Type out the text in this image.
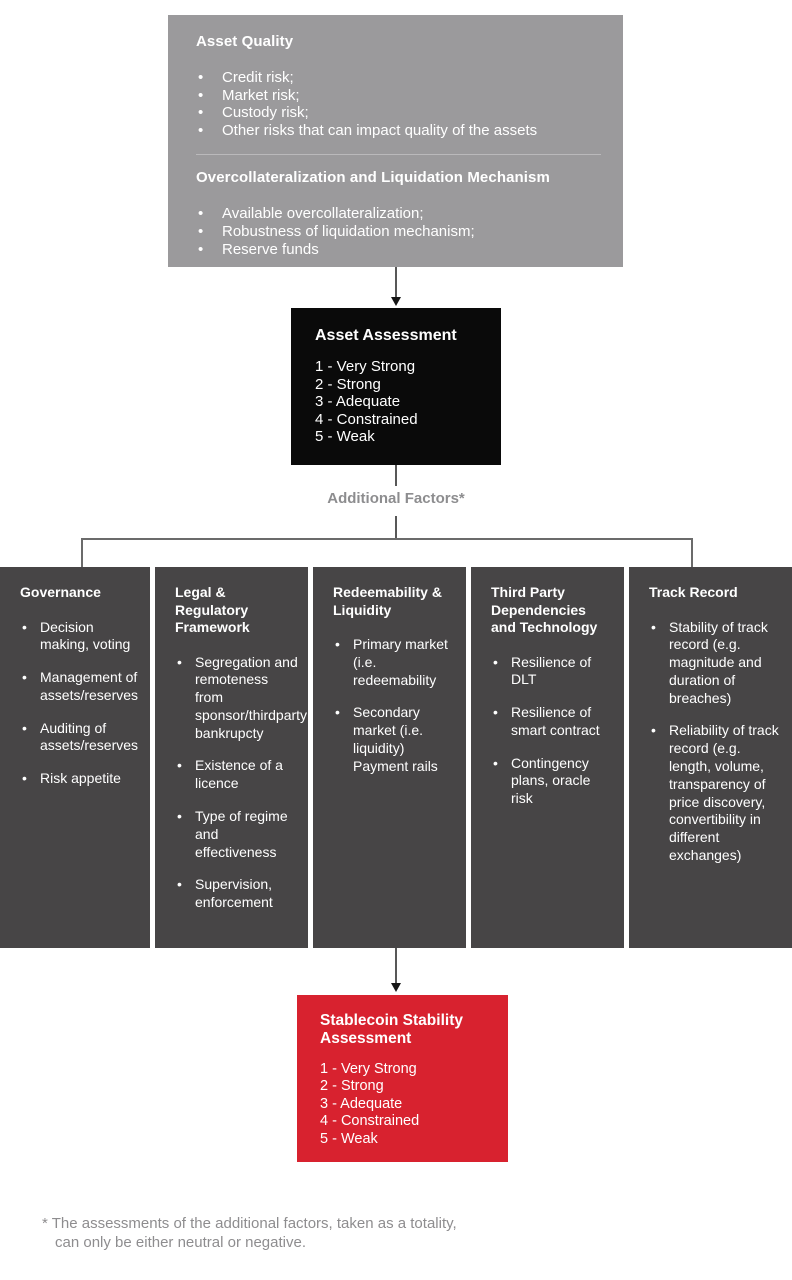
Asset Quality
• Credit risk;
• Market risk;
• Custody risk;
• Other risks that can impact quality of the assets
Overcollateralization and Liquidation Mechanism
• Available overcollateralization;
• Robustness of liquidation mechanism;
• Reserve funds
Asset Assessment
1 - Very Strong
2 - Strong
3 - Adequate
4 - Constrained
5 - Weak
Additional Factors*
Governance
• Decision making, voting
• Management of assets/reserves
• Auditing of assets/reserves
• Risk appetite
Legal & Regulatory Framework
• Segregation and remoteness from sponsor/thirdparty bankrupcty
• Existence of a licence
• Type of regime and effectiveness
• Supervision, enforcement
Redeemability & Liquidity
• Primary market (i.e. redeemability
• Secondary market (i.e. liquidity) Payment rails
Third Party Dependencies and Technology
• Resilience of DLT
• Resilience of smart contract
• Contingency plans, oracle risk
Track Record
• Stability of track record (e.g. magnitude and duration of breaches)
• Reliability of track record (e.g. length, volume, transparency of price discovery, convertibility in different exchanges)
Stablecoin Stability Assessment
1 - Very Strong
2 - Strong
3 - Adequate
4 - Constrained
5 - Weak
* The assessments of the additional factors, taken as a totality, can only be either neutral or negative.
